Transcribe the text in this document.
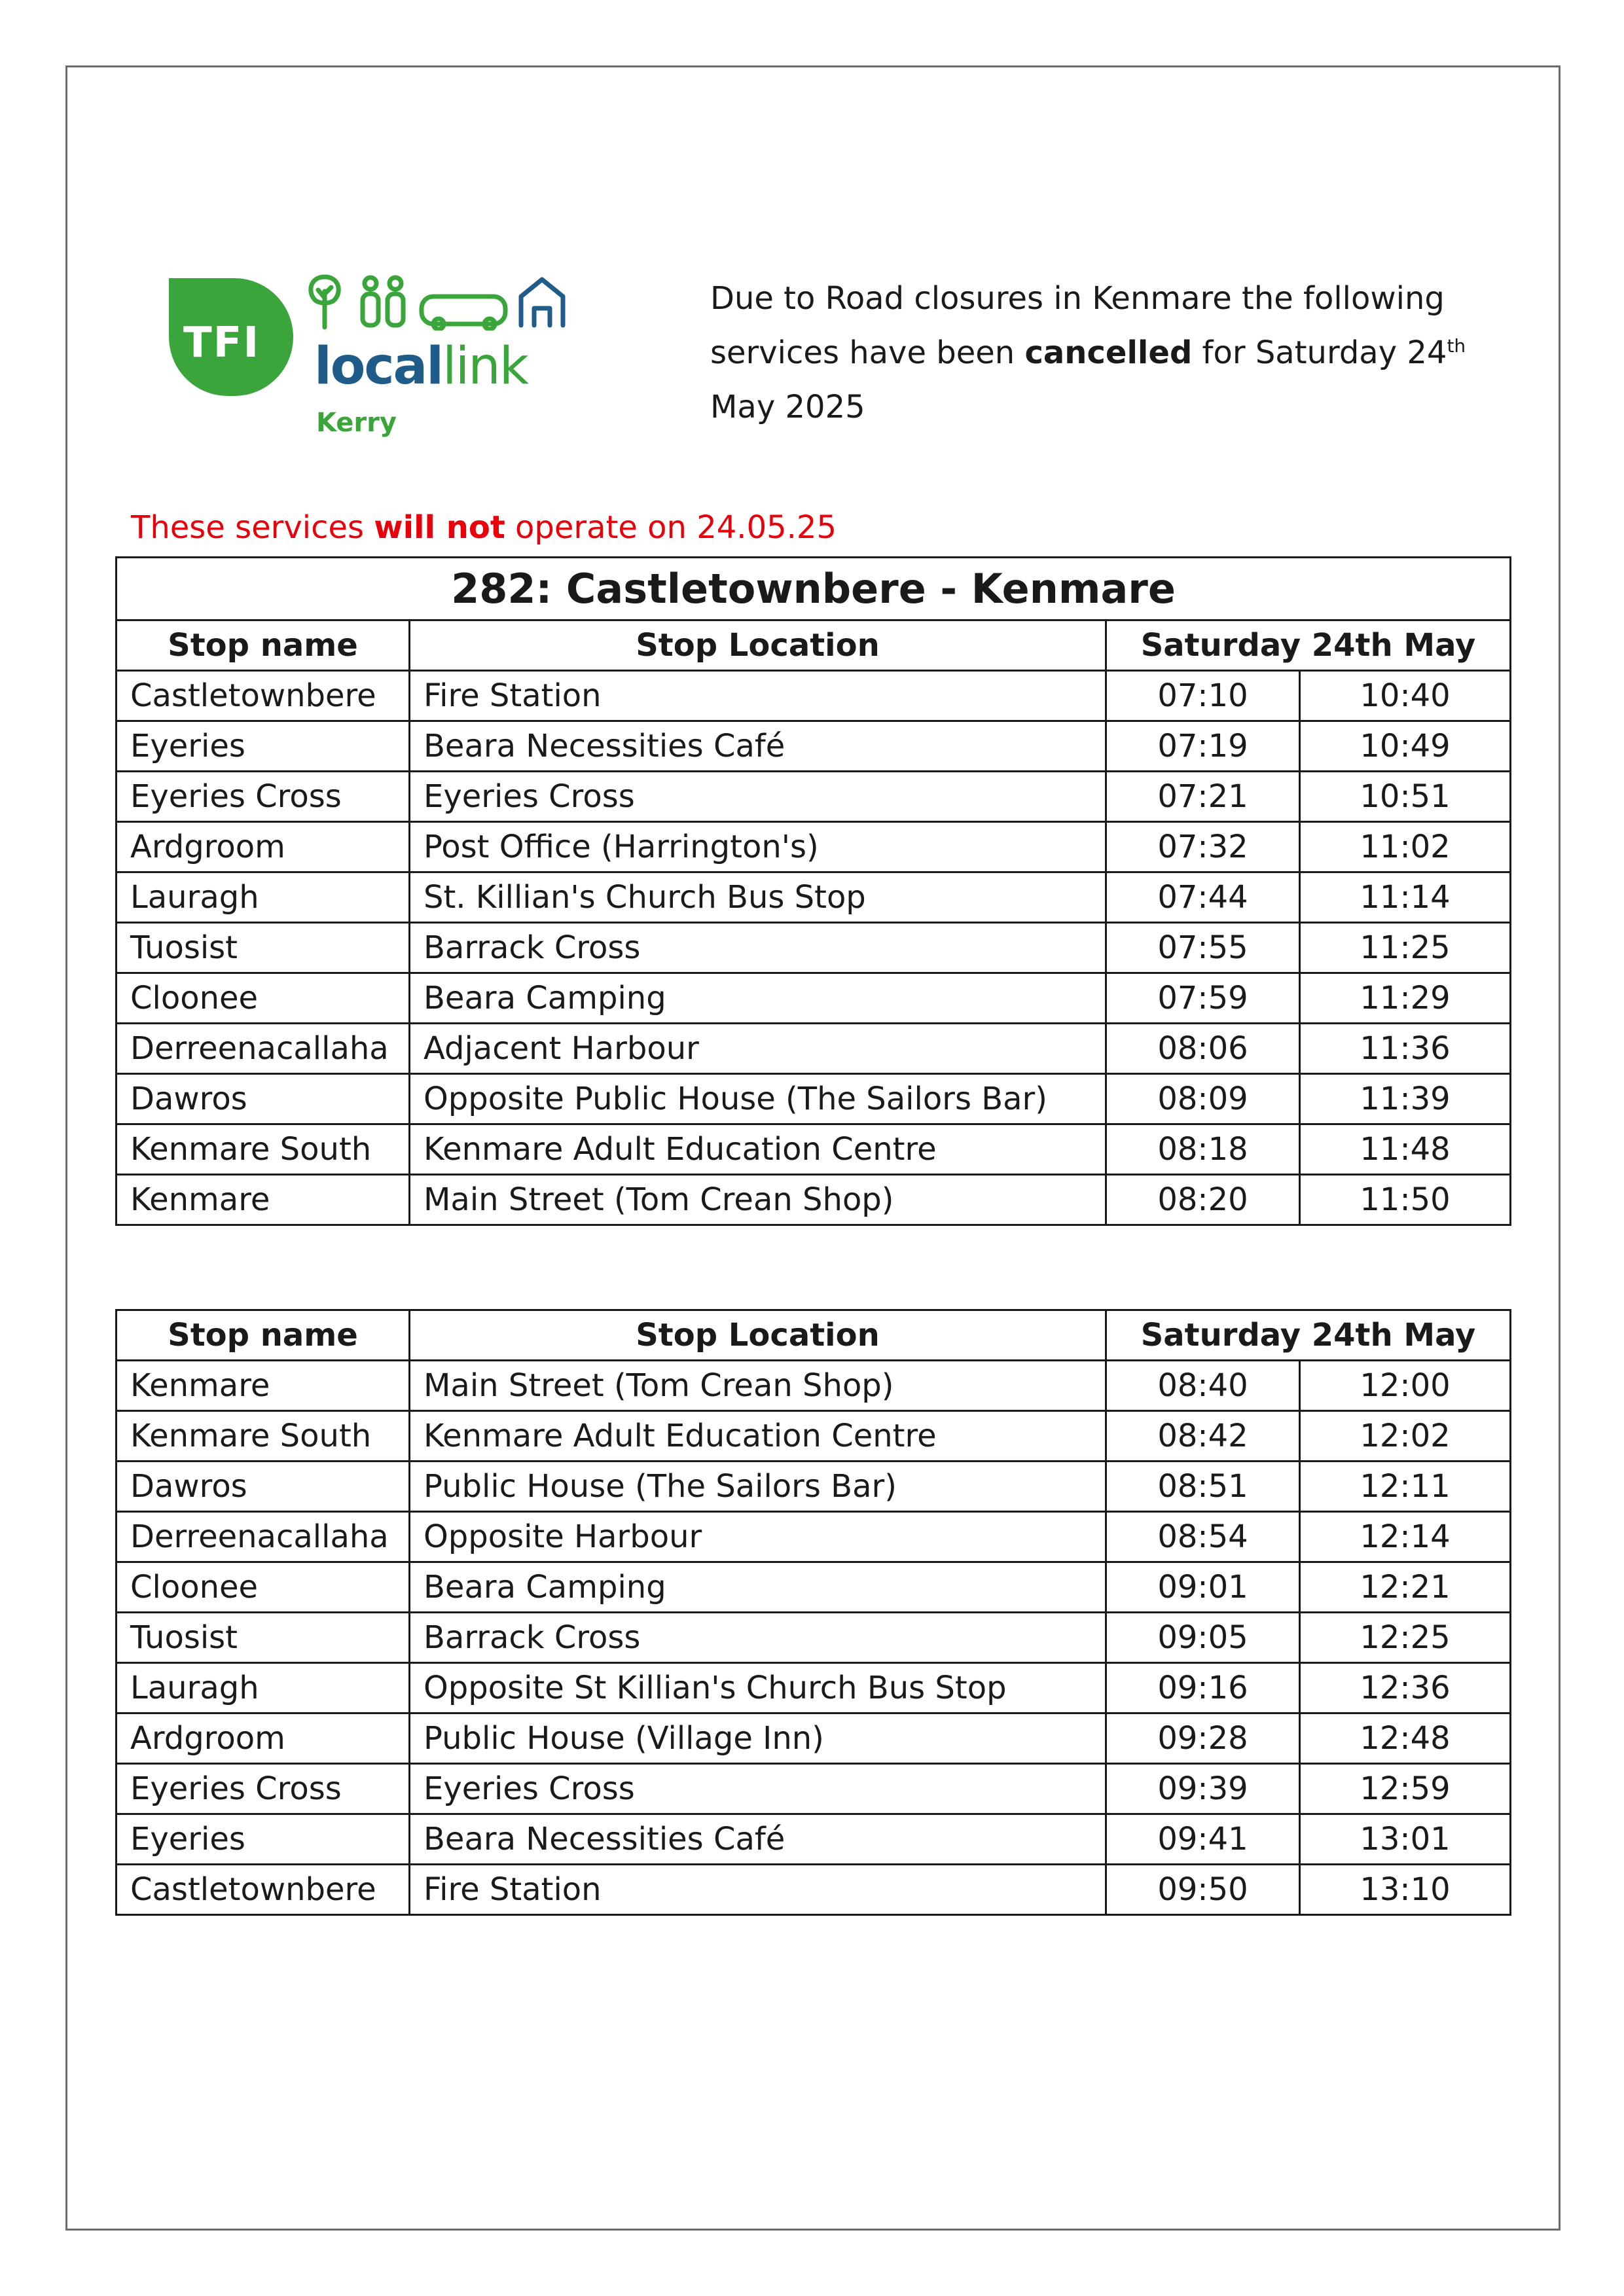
TFI locallink
Kerry
Due to Road closures in Kenmare the following services have been cancelled for Saturday 24th May 2025
These services will not operate on 24.05.25
282: Castletownbere - Kenmare			
Stop name	Stop Location	Saturday 24th May	
Castletownbere	Fire Station	07:10	10:40
Eyeries	Beara Necessities Café	07:19	10:49
Eyeries Cross	Eyeries Cross	07:21	10:51
Ardgroom	Post Office (Harrington's)	07:32	11:02
Lauragh	St. Killian's Church Bus Stop	07:44	11:14
Tuosist	Barrack Cross	07:55	11:25
Cloonee	Beara Camping	07:59	11:29
Derreenacallaha	Adjacent Harbour	08:06	11:36
Dawros	Opposite Public House (The Sailors Bar)	08:09	11:39
Kenmare South	Kenmare Adult Education Centre	08:18	11:48
Kenmare	Main Street (Tom Crean Shop)	08:20	11:50
Stop name	Stop Location	Saturday 24th May	
Kenmare	Main Street (Tom Crean Shop)	08:40	12:00
Kenmare South	Kenmare Adult Education Centre	08:42	12:02
Dawros	Public House (The Sailors Bar)	08:51	12:11
Derreenacallaha	Opposite Harbour	08:54	12:14
Cloonee	Beara Camping	09:01	12:21
Tuosist	Barrack Cross	09:05	12:25
Lauragh	Opposite St Killian's Church Bus Stop	09:16	12:36
Ardgroom	Public House (Village Inn)	09:28	12:48
Eyeries Cross	Eyeries Cross	09:39	12:59
Eyeries	Beara Necessities Café	09:41	13:01
Castletownbere	Fire Station	09:50	13:10
